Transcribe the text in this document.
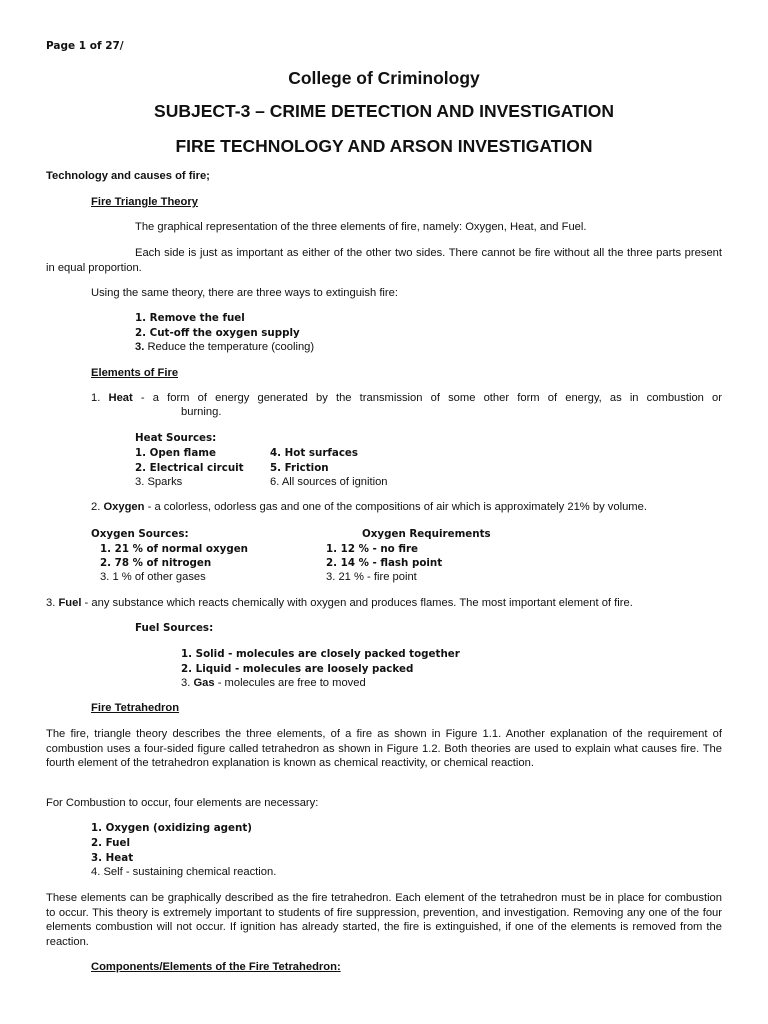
Page 1 of 27/
College of Criminology
SUBJECT-3 – CRIME DETECTION AND INVESTIGATION
FIRE TECHNOLOGY AND ARSON INVESTIGATION
Technology and causes of fire;
Fire Triangle Theory
The graphical representation of the three elements of fire, namely: Oxygen, Heat, and Fuel.
Each side is just as important as either of the other two sides. There cannot be fire without all the three parts present in equal proportion.
Using the same theory, there are three ways to extinguish fire:
1. Remove the fuel
2. Cut-off the oxygen supply
3. Reduce the temperature (cooling)
Elements of Fire
1. Heat - a form of energy generated by the transmission of some other form of energy, as in combustion or
burning.
Heat Sources:
1. Open flame
2. Electrical circuit
3. Sparks
4. Hot surfaces
5. Friction
6. All sources of ignition
2. Oxygen - a colorless, odorless gas and one of the compositions of air which is approximately 21% by volume.
Oxygen Sources:
1. 21 % of normal oxygen
2. 78 % of nitrogen
3. 1 % of other gases
Oxygen Requirements
1. 12 % - no fire
2. 14 % - flash point
3. 21 % - fire point
3. Fuel - any substance which reacts chemically with oxygen and produces flames. The most important element of fire.
Fuel Sources:
1. Solid - molecules are closely packed together
2. Liquid - molecules are loosely packed
3. Gas - molecules are free to moved
Fire Tetrahedron
The fire, triangle theory describes the three elements, of a fire as shown in Figure 1.1. Another explanation of the requirement of combustion uses a four-sided figure called tetrahedron as shown in Figure 1.2. Both theories are used to explain what causes fire. The fourth element of the tetrahedron explanation is known as chemical reactivity, or chemical reaction.
For Combustion to occur, four elements are necessary:
1. Oxygen (oxidizing agent)
2. Fuel
3. Heat
4. Self - sustaining chemical reaction.
These elements can be graphically described as the fire tetrahedron. Each element of the tetrahedron must be in place for combustion to occur. This theory is extremely important to students of fire suppression, prevention, and investigation. Removing any one of the four elements combustion will not occur. If ignition has already started, the fire is extinguished, if one of the elements is removed from the reaction.
Components/Elements of the Fire Tetrahedron:
